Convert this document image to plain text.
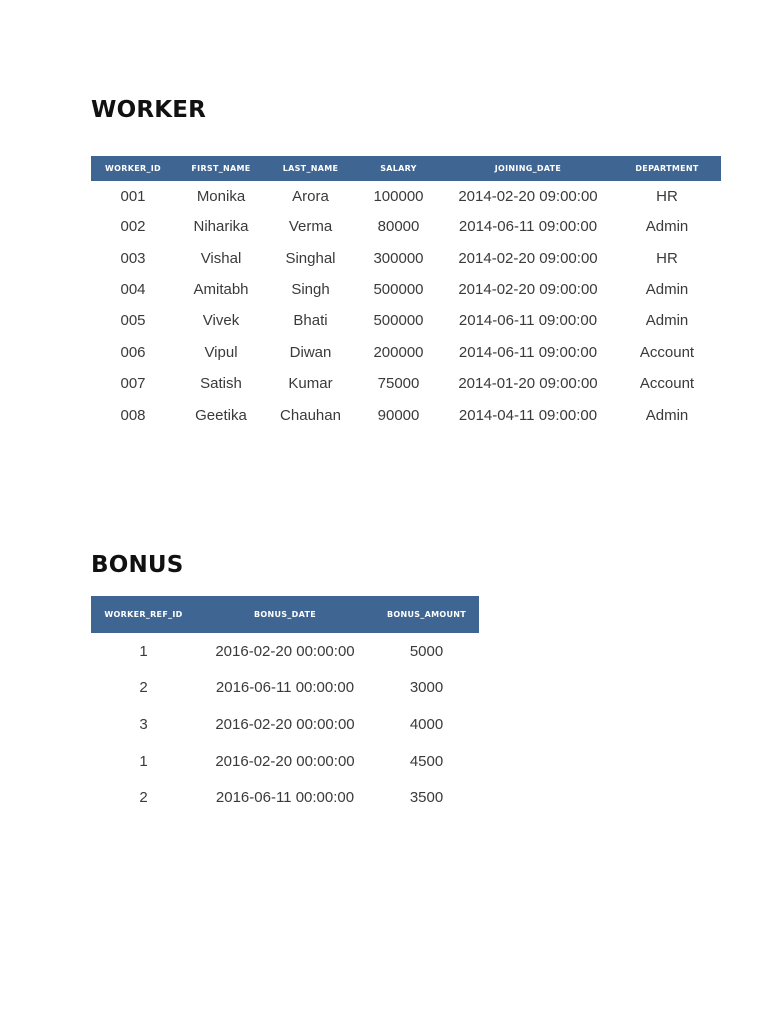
WORKER
WORKER_ID	FIRST_NAME	LAST_NAME	SALARY	JOINING_DATE	DEPARTMENT
001	Monika	Arora	100000	2014-02-20 09:00:00	HR
002	Niharika	Verma	80000	2014-06-11 09:00:00	Admin
003	Vishal	Singhal	300000	2014-02-20 09:00:00	HR
004	Amitabh	Singh	500000	2014-02-20 09:00:00	Admin
005	Vivek	Bhati	500000	2014-06-11 09:00:00	Admin
006	Vipul	Diwan	200000	2014-06-11 09:00:00	Account
007	Satish	Kumar	75000	2014-01-20 09:00:00	Account
008	Geetika	Chauhan	90000	2014-04-11 09:00:00	Admin
BONUS
WORKER_REF_ID	BONUS_DATE	BONUS_AMOUNT
1	2016-02-20 00:00:00	5000
2	2016-06-11 00:00:00	3000
3	2016-02-20 00:00:00	4000
1	2016-02-20 00:00:00	4500
2	2016-06-11 00:00:00	3500
